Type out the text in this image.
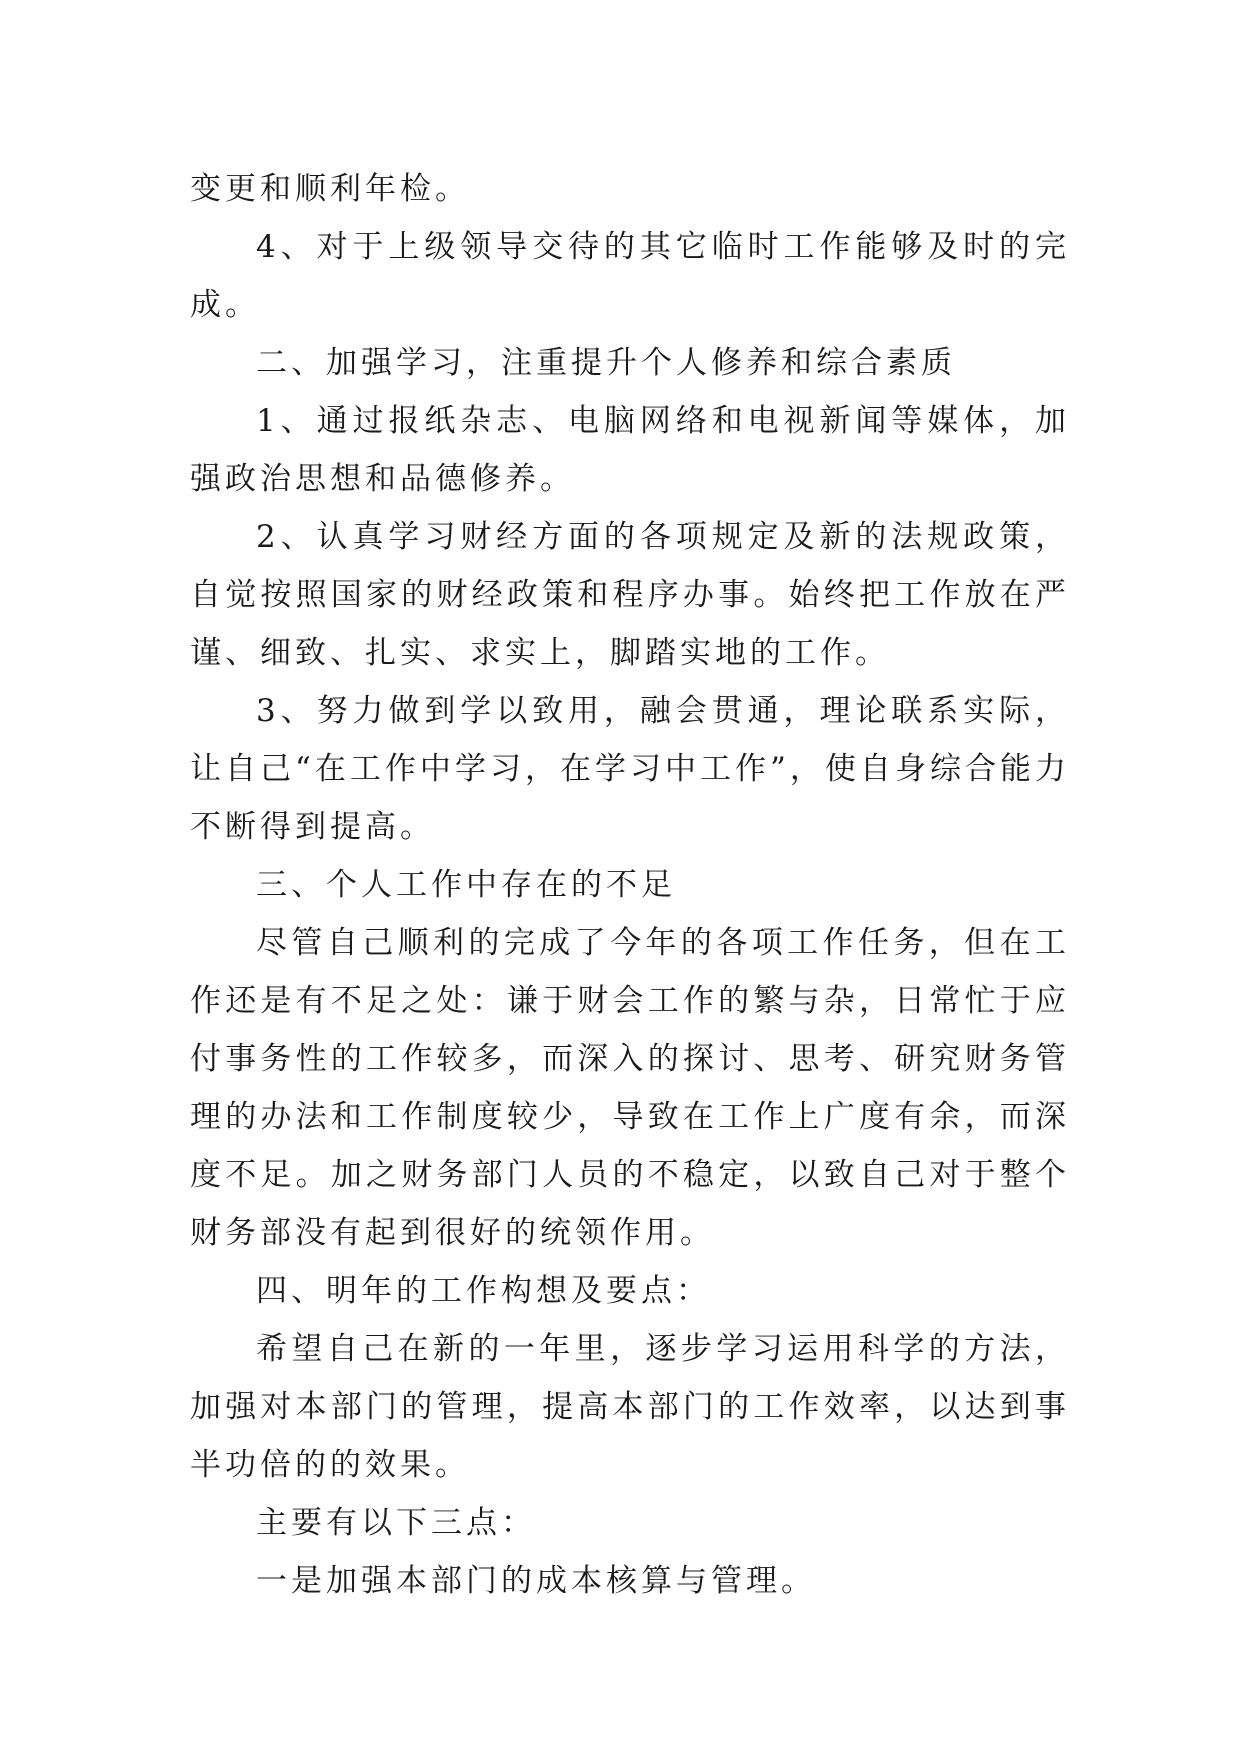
变更和顺利年检。

4、对于上级领导交待的其它临时工作能够及时的完成。

二、加强学习，注重提升个人修养和综合素质

1、通过报纸杂志、电脑网络和电视新闻等媒体，加强政治思想和品德修养。

2、认真学习财经方面的各项规定及新的法规政策，自觉按照国家的财经政策和程序办事。始终把工作放在严谨、细致、扎实、求实上，脚踏实地的工作。

3、努力做到学以致用，融会贯通，理论联系实际，让自己“在工作中学习，在学习中工作”，使自身综合能力不断得到提高。

三、个人工作中存在的不足

尽管自己顺利的完成了今年的各项工作任务，但在工作还是有不足之处：谦于财会工作的繁与杂，日常忙于应付事务性的工作较多，而深入的探讨、思考、研究财务管理的办法和工作制度较少，导致在工作上广度有余，而深度不足。加之财务部门人员的不稳定，以致自己对于整个财务部没有起到很好的统领作用。

四、明年的工作构想及要点：

希望自己在新的一年里，逐步学习运用科学的方法，加强对本部门的管理，提高本部门的工作效率，以达到事半功倍的的效果。

主要有以下三点：

一是加强本部门的成本核算与管理。
